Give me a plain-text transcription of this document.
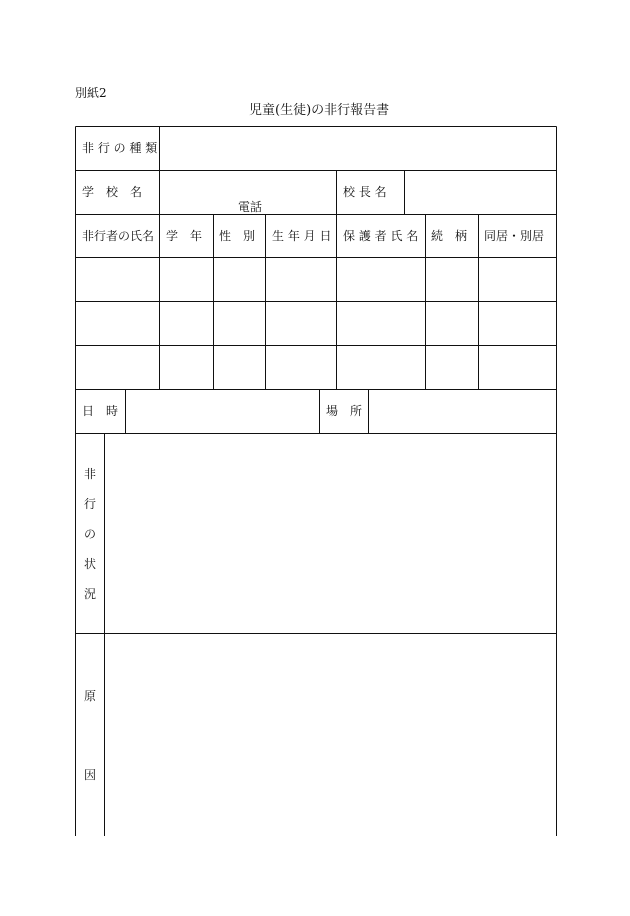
別紙2
児童(生徒)の非行報告書
非 行 の 種 類
学　校　名
電話
校 長 名
非行者の氏名 学　年 性　別 生 年 月 日 保 護 者 氏 名 続　柄 同居・別居
日　時	場　所
非
行
の
状
況
原
因
